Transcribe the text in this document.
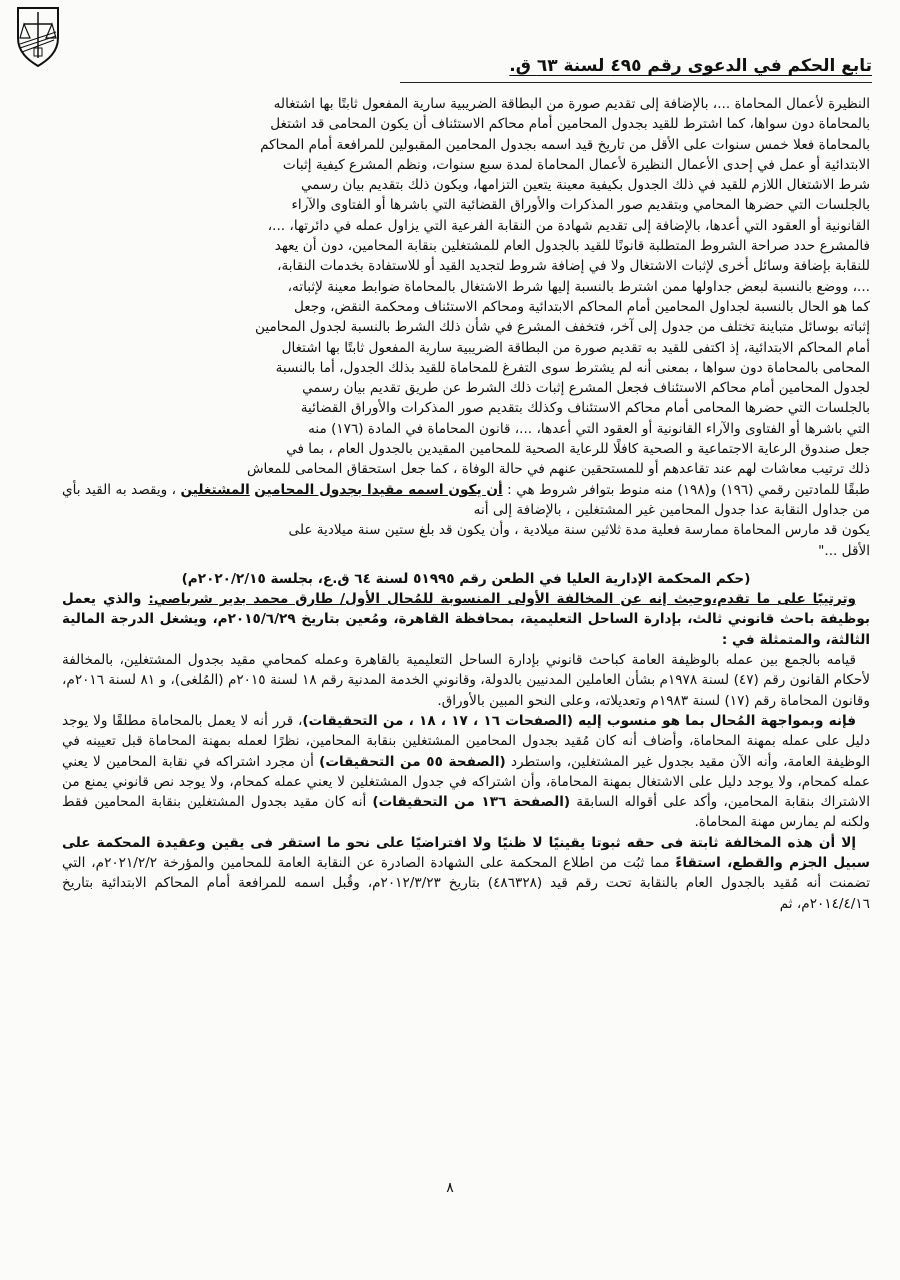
تابع الحكم في الدعوى رقم ٤٩٥ لسنة ٦٣ ق.

النظيرة لأعمال المحاماة ...، بالإضافة إلى تقديم صورة من البطاقة الضريبية سارية المفعول ثابتًا بها اشتغاله

بالمحاماة دون سواها، كما اشترط للقيد بجدول المحامين أمام محاكم الاستئناف أن يكون المحامى قد اشتغل

بالمحاماة فعلا خمس سنوات على الأقل من تاريخ قيد اسمه بجدول المحامين المقبولين للمرافعة أمام المحاكم

الابتدائية أو عمل في إحدى الأعمال النظيرة لأعمال المحاماة لمدة سبع سنوات، ونظم المشرع كيفية إثبات

شرط الاشتغال اللازم للقيد في ذلك الجدول بكيفية معينة يتعين التزامها، ويكون ذلك بتقديم بيان رسمي

بالجلسات التي حضرها المحامي وبتقديم صور المذكرات والأوراق القضائية التي باشرها أو الفتاوى والآراء

القانونية أو العقود التي أعدها، بالإضافة إلى تقديم شهادة من النقابة الفرعية التي يزاول عمله في دائرتها، ...،

فالمشرع حدد صراحة الشروط المتطلبة قانونًا للقيد بالجدول العام للمشتغلين بنقابة المحامين، دون أن يعهد

للنقابة بإضافة وسائل أخرى لإثبات الاشتغال ولا في إضافة شروط لتجديد القيد أو للاستفادة بخدمات النقابة،

...، ووضع بالنسبة لبعض جداولها ممن اشترط بالنسبة إليها شرط الاشتغال بالمحاماة ضوابط معينة لإثباته،

كما هو الحال بالنسبة لجداول المحامين أمام المحاكم الابتدائية ومحاكم الاستئناف ومحكمة النقض، وجعل

إثباته بوسائل متباينة تختلف من جدول إلى آخر، فتخفف المشرع في شأن ذلك الشرط بالنسبة لجدول المحامين

أمام المحاكم الابتدائية، إذ اكتفى للقيد به تقديم صورة من البطاقة الضريبية سارية المفعول ثابتًا بها اشتغال

المحامى بالمحاماة دون سواها ، بمعنى أنه لم يشترط سوى التفرغ للمحاماة للقيد بذلك الجدول، أما بالنسبة

لجدول المحامين أمام محاكم الاستئناف فجعل المشرع إثبات ذلك الشرط عن طريق تقديم بيان رسمي

بالجلسات التي حضرها المحامى أمام محاكم الاستئناف وكذلك بتقديم صور المذكرات والأوراق القضائية

التي باشرها أو الفتاوى والآراء القانونية أو العقود التي أعدها، ...، قانون المحاماة في المادة (١٧٦) منه

جعل صندوق الرعاية الاجتماعية و الصحية كافلًا للرعاية الصحية للمحامين المقيدين بالجدول العام ، بما في

ذلك ترتيب معاشات لهم عند تقاعدهم أو للمستحقين عنهم في حالة الوفاة ، كما جعل استحقاق المحامى للمعاش

طبقًا للمادتين رقمي (١٩٦) و(١٩٨) منه منوط بتوافر شروط هي : أن يكون اسمه مقيدا بجدول المحامين المشتغلين ، ويقصد به القيد بأي من جداول النقابة عدا جدول المحامين غير المشتغلين ، بالإضافة إلى أنه

يكون قد مارس المحاماة ممارسة فعلية مدة ثلاثين سنة ميلادية ، وأن يكون قد بلغ ستين سنة ميلادية على

الأقل ..."

(حكم المحكمة الإدارية العليا في الطعن رقم ٥١٩٩٥ لسنة ٦٤ ق.ع، بجلسة ٢٠٢٠/٢/١٥م)

وترتيبًا على ما تقدم،وحيث إنه عن المخالفة الأولى المنسوبة للمُحال الأول/ طارق محمد بدير شرباصي: والذي يعمل بوظيفة باحث قانوني ثالث، بإدارة الساحل التعليمية، بمحافظة القاهرة، ومُعين بتاريخ ٢٠١٥/٦/٢٩م، ويشغل الدرجة المالية الثالثة، والمتمثلة في :

قيامه بالجمع بين عمله بالوظيفة العامة كباحث قانوني بإدارة الساحل التعليمية بالقاهرة وعمله كمحامي مقيد بجدول المشتغلين، بالمخالفة لأحكام القانون رقم (٤٧) لسنة ١٩٧٨م بشأن العاملين المدنيين بالدولة، وقانوني الخدمة المدنية رقم ١٨ لسنة ٢٠١٥م (المُلغى)، و ٨١ لسنة ٢٠١٦م، وقانون المحاماة رقم (١٧) لسنة ١٩٨٣م وتعديلاته، وعلى النحو المبين بالأوراق.

فإنه وبمواجهة المُحال بما هو منسوب إليه (الصفحات ١٦ ، ١٧ ، ١٨ ، من التحقيقات)، قرر أنه لا يعمل بالمحاماة مطلقًا ولا يوجد دليل على عمله بمهنة المحاماة، وأضاف أنه كان مُقيد بجدول المحامين المشتغلين بنقابة المحامين، نظرًا لعمله بمهنة المحاماة قبل تعيينه في الوظيفة العامة، وأنه الآن مقيد بجدول غير المشتغلين، واستطرد (الصفحة ٥٥ من التحقيقات) أن مجرد اشتراكه في نقابة المحامين لا يعني عمله كمحام، ولا يوجد دليل على الاشتغال بمهنة المحاماة، وأن اشتراكه في جدول المشتغلين لا يعني عمله كمحام، ولا يوجد نص قانوني يمنع من الاشتراك بنقابة المحامين، وأكد على أقواله السابقة (الصفحة ١٣٦ من التحقيقات) أنه كان مقيد بجدول المشتغلين بنقابة المحامين فقط ولكنه لم يمارس مهنة المحاماة.

إلا أن هذه المخالفة ثابتة فى حقه ثبوتا يقينيًا لا ظنيًا ولا افتراضيًا على نحو ما استقر فى يقين وعقيدة المحكمة على سبيل الجزم والقطع، استقاءً مما ثبُت من اطلاع المحكمة على الشهادة الصادرة عن النقابة العامة للمحامين والمؤرخة ٢٠٢١/٢/٢م، التي تضمنت أنه مُقيد بالجدول العام بالنقابة تحت رقم قيد (٤٨٦٣٢٨) بتاريخ ٢٠١٢/٣/٢٣م، وقُبل اسمه للمرافعة أمام المحاكم الابتدائية بتاريخ ٢٠١٤/٤/١٦م، ثم

٨
